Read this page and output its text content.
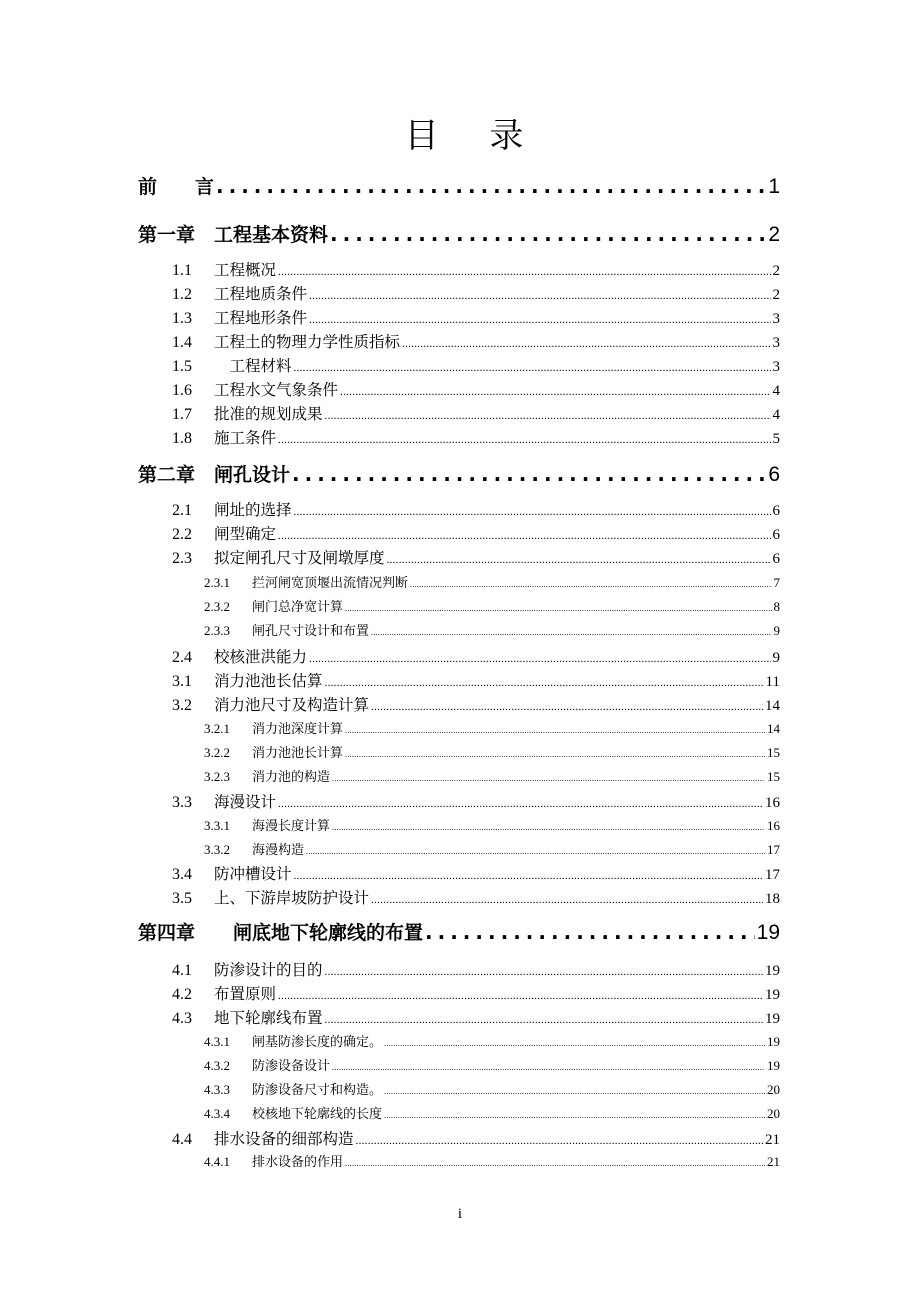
目 录
前　　言 .....	1
第一章　工程基本资料 .....	2
1.1	工程概况 .....	2
1.2	工程地质条件 .....	2
1.3	工程地形条件 .....	3
1.4	工程土的物理力学性质指标 .....	3
1.5	　工程材料 .....	3
1.6	工程水文气象条件 .....	4
1.7	批准的规划成果 .....	4
1.8	施工条件 .....	5
第二章　闸孔设计 .....	6
2.1	闸址的选择 .....	6
2.2	闸型确定 .....	6
2.3	拟定闸孔尺寸及闸墩厚度 .....	6
2.3.1	拦河闸宽顶堰出流情况判断 .....	7
2.3.2	闸门总净宽计算 .....	8
2.3.3	闸孔尺寸设计和布置 .....	9
2.4	校核泄洪能力 .....	9
3.1	消力池池长估算 .....	11
3.2	消力池尺寸及构造计算 .....	14
3.2.1	消力池深度计算 .....	14
3.2.2	消力池池长计算 .....	15
3.2.3	消力池的构造 .....	15
3.3	海漫设计 .....	16
3.3.1	海漫长度计算 .....	16
3.3.2	海漫构造 .....	17
3.4	防冲槽设计 .....	17
3.5	上、下游岸坡防护设计 .....	18
第四章　　闸底地下轮廓线的布置 .....	19
4.1	防渗设计的目的 .....	19
4.2	布置原则 .....	19
4.3	地下轮廓线布置 .....	19
4.3.1	闸基防渗长度的确定。 .....	19
4.3.2	防渗设备设计 .....	19
4.3.3	防渗设备尺寸和构造。 .....	20
4.3.4	校核地下轮廓线的长度 .....	20
4.4	排水设备的细部构造 .....	21
4.4.1	排水设备的作用 .....	21
i
